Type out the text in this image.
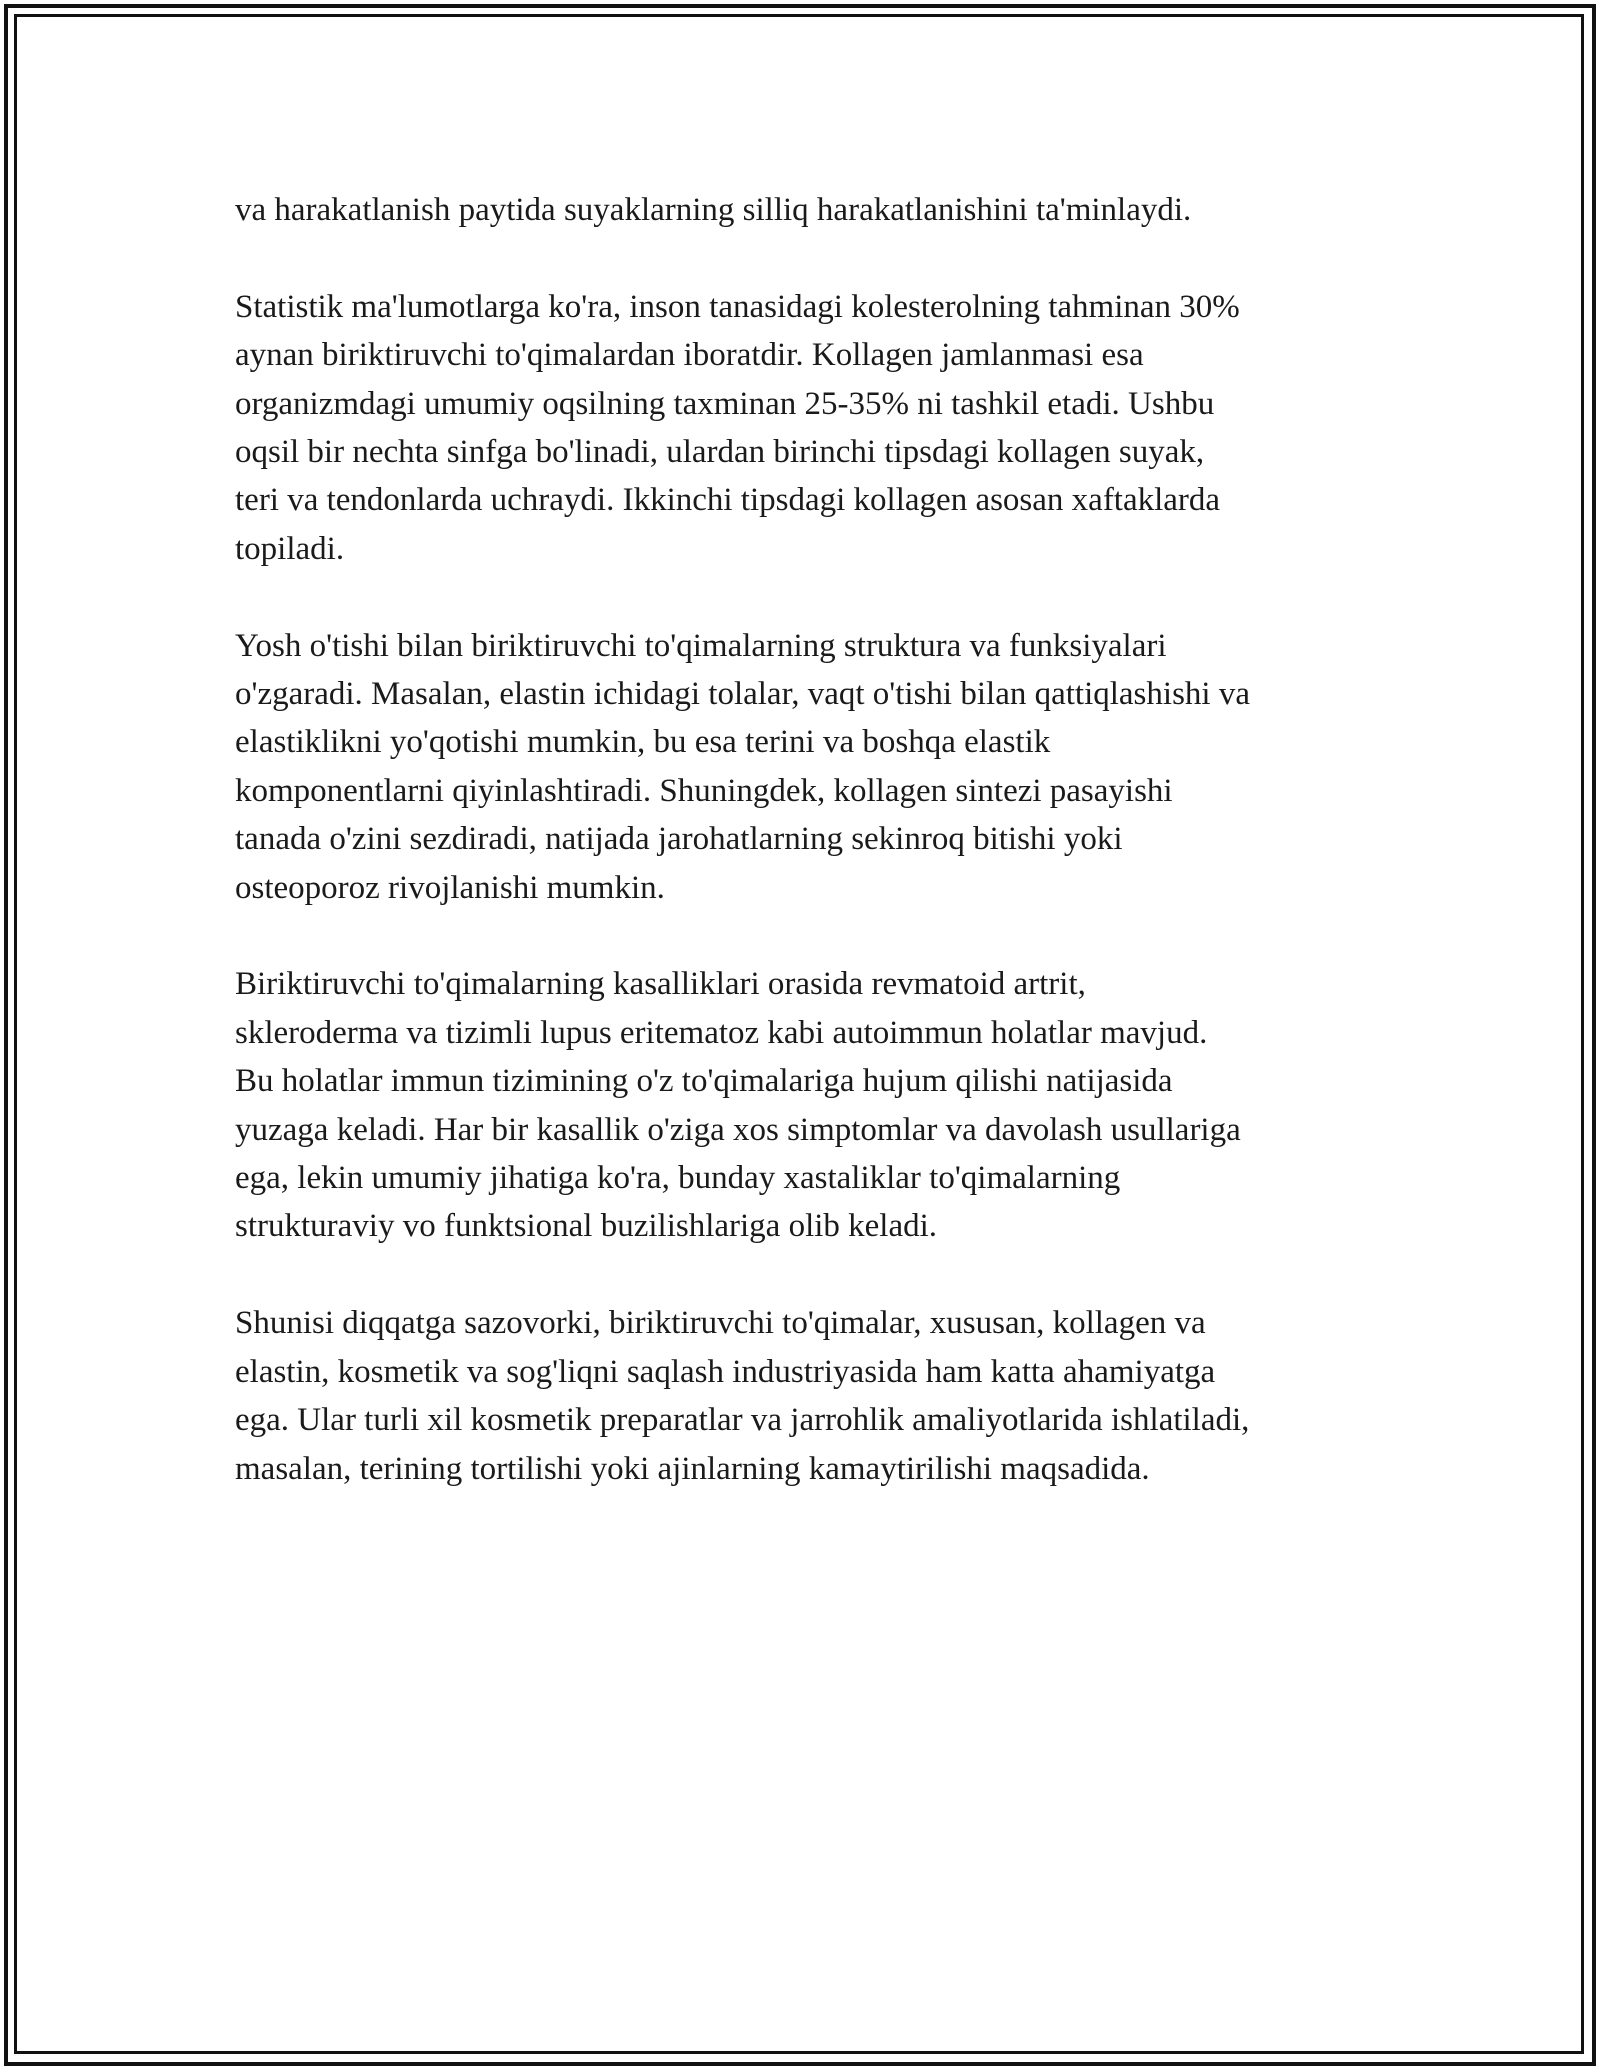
va harakatlanish paytida suyaklarning silliq harakatlanishini ta'minlaydi.

Statistik ma'lumotlarga ko'ra, inson tanasidagi kolesterolning tahminan 30%
aynan biriktiruvchi to'qimalardan iboratdir. Kollagen jamlanmasi esa
organizmdagi umumiy oqsilning taxminan 25-35% ni tashkil etadi. Ushbu
oqsil bir nechta sinfga bo'linadi, ulardan birinchi tipsdagi kollagen suyak,
teri va tendonlarda uchraydi. Ikkinchi tipsdagi kollagen asosan xaftaklarda
topiladi.

Yosh o'tishi bilan biriktiruvchi to'qimalarning struktura va funksiyalari
o'zgaradi. Masalan, elastin ichidagi tolalar, vaqt o'tishi bilan qattiqlashishi va
elastiklikni yo'qotishi mumkin, bu esa terini va boshqa elastik
komponentlarni qiyinlashtiradi. Shuningdek, kollagen sintezi pasayishi
tanada o'zini sezdiradi, natijada jarohatlarning sekinroq bitishi yoki
osteoporoz rivojlanishi mumkin.

Biriktiruvchi to'qimalarning kasalliklari orasida revmatoid artrit,
skleroderma va tizimli lupus eritematoz kabi autoimmun holatlar mavjud.
Bu holatlar immun tizimining o'z to'qimalariga hujum qilishi natijasida
yuzaga keladi. Har bir kasallik o'ziga xos simptomlar va davolash usullariga
ega, lekin umumiy jihatiga ko'ra, bunday xastaliklar to'qimalarning
strukturaviy vo funktsional buzilishlariga olib keladi.

Shunisi diqqatga sazovorki, biriktiruvchi to'qimalar, xususan, kollagen va
elastin, kosmetik va sog'liqni saqlash industriyasida ham katta ahamiyatga
ega. Ular turli xil kosmetik preparatlar va jarrohlik amaliyotlarida ishlatiladi,
masalan, terining tortilishi yoki ajinlarning kamaytirilishi maqsadida.
